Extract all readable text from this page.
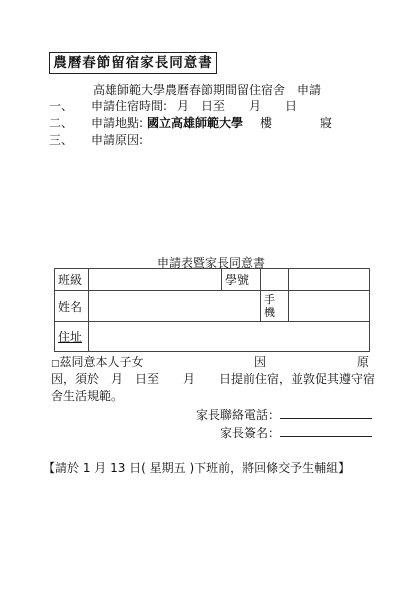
農曆春節留宿家長同意書
高雄師範大學農曆春節期間留住宿舍　申請
一、 申請住宿時間: 月　日至　　月　　日
二、 申請地點: 國立高雄師範大學 樓　　　　寢
三、 申請原因:
申請表暨家長同意書
班級		學號		
姓名			手
機	
住址				
□茲同意本人子女	因	原
因，須於　月　日至　　月　　日提前住宿，並敦促其遵守宿
舍生活規範。
家長聯絡電話：
家長簽名：
【請於 1 月 13 日( 星期五 )下班前，將回條交予生輔組】
